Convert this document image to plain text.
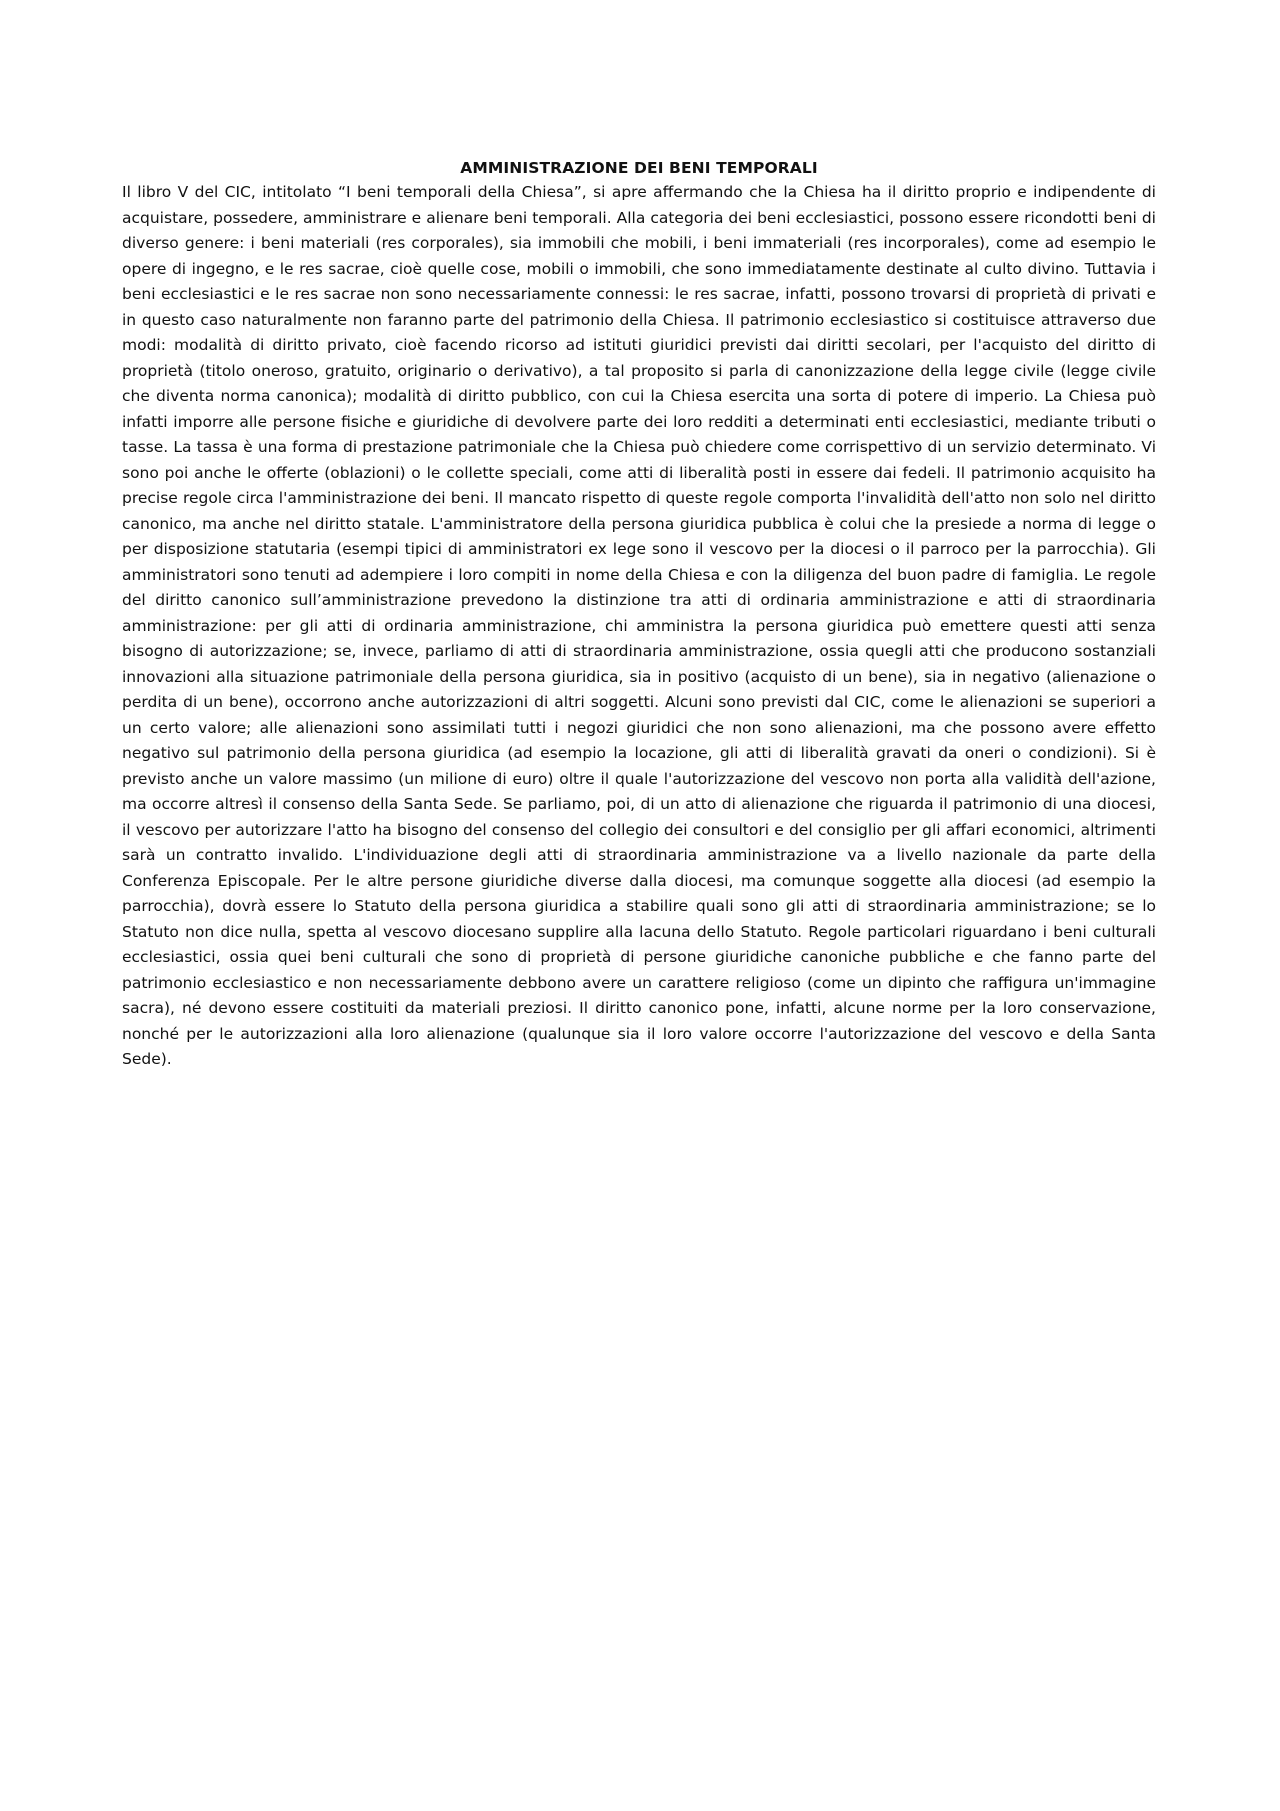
AMMINISTRAZIONE DEI BENI TEMPORALI

Il libro V del CIC, intitolato “I beni temporali della Chiesa”, si apre affermando che la Chiesa ha il diritto proprio e indipendente di acquistare, possedere, amministrare e alienare beni temporali. Alla categoria dei beni ecclesiastici, possono essere ricondotti beni di diverso genere: i beni materiali (res corporales), sia immobili che mobili, i beni immateriali (res incorporales), come ad esempio le opere di ingegno, e le res sacrae, cioè quelle cose, mobili o immobili, che sono immediatamente destinate al culto divino. Tuttavia i beni ecclesiastici e le res sacrae non sono necessariamente connessi: le res sacrae, infatti, possono trovarsi di proprietà di privati e in questo caso naturalmente non faranno parte del patrimonio della Chiesa. Il patrimonio ecclesiastico si costituisce attraverso due modi: modalità di diritto privato, cioè facendo ricorso ad istituti giuridici previsti dai diritti secolari, per l'acquisto del diritto di proprietà (titolo oneroso, gratuito, originario o derivativo), a tal proposito si parla di canonizzazione della legge civile (legge civile che diventa norma canonica); modalità di diritto pubblico, con cui la Chiesa esercita una sorta di potere di imperio. La Chiesa può infatti imporre alle persone fisiche e giuridiche di devolvere parte dei loro redditi a determinati enti ecclesiastici, mediante tributi o tasse. La tassa è una forma di prestazione patrimoniale che la Chiesa può chiedere come corrispettivo di un servizio determinato. Vi sono poi anche le offerte (oblazioni) o le collette speciali, come atti di liberalità posti in essere dai fedeli. Il patrimonio acquisito ha precise regole circa l'amministrazione dei beni. Il mancato rispetto di queste regole comporta l'invalidità dell'atto non solo nel diritto canonico, ma anche nel diritto statale. L'amministratore della persona giuridica pubblica è colui che la presiede a norma di legge o per disposizione statutaria (esempi tipici di amministratori ex lege sono il vescovo per la diocesi o il parroco per la parrocchia). Gli amministratori sono tenuti ad adempiere i loro compiti in nome della Chiesa e con la diligenza del buon padre di famiglia. Le regole del diritto canonico sull’amministrazione prevedono la distinzione tra atti di ordinaria amministrazione e atti di straordinaria amministrazione: per gli atti di ordinaria amministrazione, chi amministra la persona giuridica può emettere questi atti senza bisogno di autorizzazione; se, invece, parliamo di atti di straordinaria amministrazione, ossia quegli atti che producono sostanziali innovazioni alla situazione patrimoniale della persona giuridica, sia in positivo (acquisto di un bene), sia in negativo (alienazione o perdita di un bene), occorrono anche autorizzazioni di altri soggetti. Alcuni sono previsti dal CIC, come le alienazioni se superiori a un certo valore; alle alienazioni sono assimilati tutti i negozi giuridici che non sono alienazioni, ma che possono avere effetto negativo sul patrimonio della persona giuridica (ad esempio la locazione, gli atti di liberalità gravati da oneri o condizioni). Si è previsto anche un valore massimo (un milione di euro) oltre il quale l'autorizzazione del vescovo non porta alla validità dell'azione, ma occorre altresì il consenso della Santa Sede. Se parliamo, poi, di un atto di alienazione che riguarda il patrimonio di una diocesi, il vescovo per autorizzare l'atto ha bisogno del consenso del collegio dei consultori e del consiglio per gli affari economici, altrimenti sarà un contratto invalido. L'individuazione degli atti di straordinaria amministrazione va a livello nazionale da parte della Conferenza Episcopale. Per le altre persone giuridiche diverse dalla diocesi, ma comunque soggette alla diocesi (ad esempio la parrocchia), dovrà essere lo Statuto della persona giuridica a stabilire quali sono gli atti di straordinaria amministrazione; se lo Statuto non dice nulla, spetta al vescovo diocesano supplire alla lacuna dello Statuto. Regole particolari riguardano i beni culturali ecclesiastici, ossia quei beni culturali che sono di proprietà di persone giuridiche canoniche pubbliche e che fanno parte del patrimonio ecclesiastico e non necessariamente debbono avere un carattere religioso (come un dipinto che raffigura un'immagine sacra), né devono essere costituiti da materiali preziosi. Il diritto canonico pone, infatti, alcune norme per la loro conservazione, nonché per le autorizzazioni alla loro alienazione (qualunque sia il loro valore occorre l'autorizzazione del vescovo e della Santa Sede).
